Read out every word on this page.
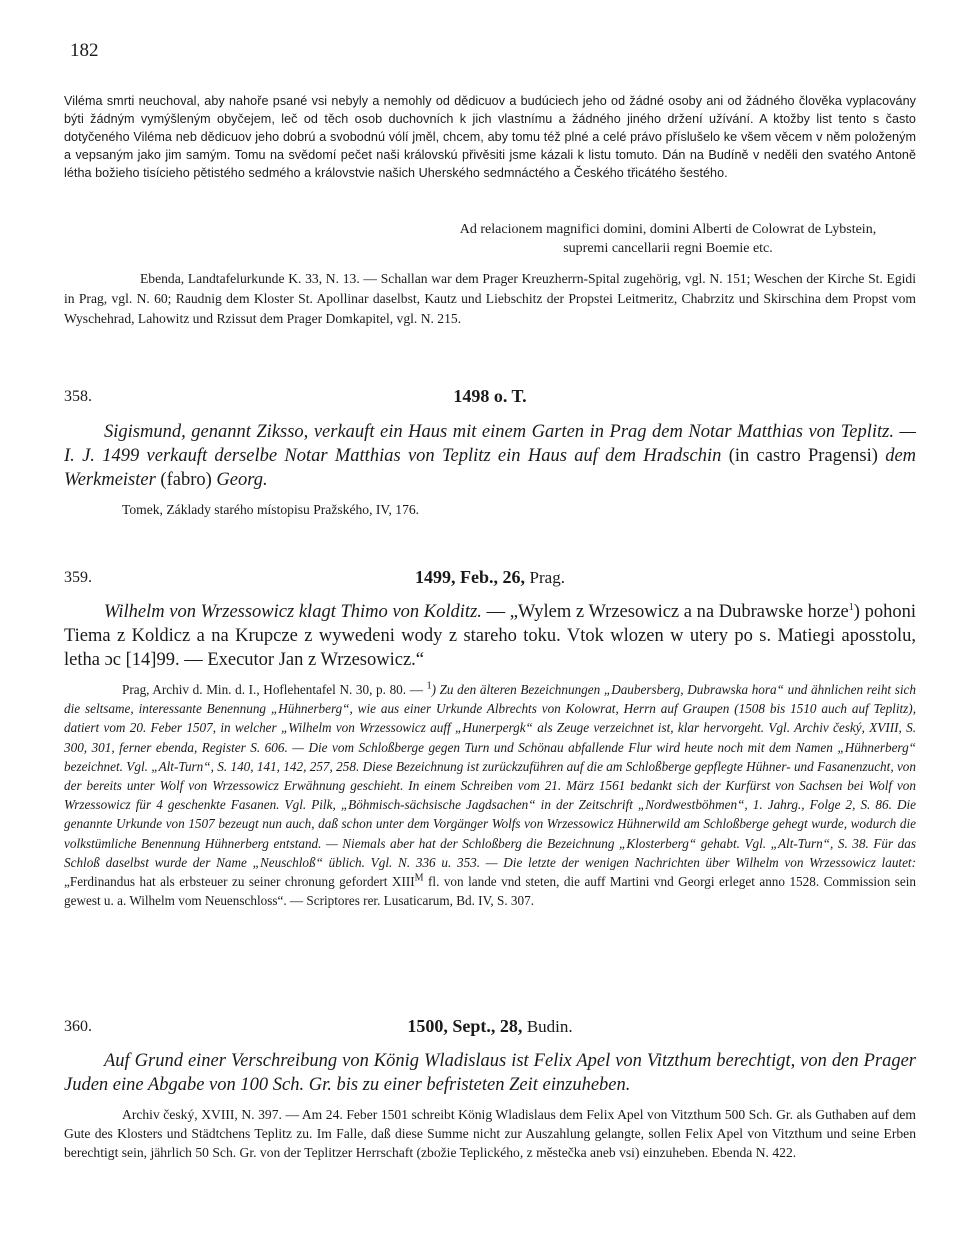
182
Viléma smrti neuchoval, aby nahoře psané vsi nebyly a nemohly od dědicuov a budúciech jeho od žádné osoby ani od žádného člověka vyplacovány býti žádným vymýšleným obyčejem, leč od těch osob duchovních k jich vlastnímu a žádného jiného držení užívání. A ktožby list tento s často dotyčeného Viléma neb dědicuov jeho dobrú a svobodnú vólí jměl, chcem, aby tomu též plné a celé právo příslušelo ke všem věcem v něm položeným a vepsaným jako jim samým. Tomu na svědomí pečet naši královskú přivěsiti jsme kázali k listu tomuto. Dán na Budíně v neděli den svatého Antoně létha božieho tisícieho pětistého sedmého a královstvie našich Uherského sedmnáctého a Českého třicátého šestého.
Ad relacionem magnifici domini, domini Alberti de Colowrat de Lybstein,
supremi cancellarii regni Boemie etc.
Ebenda, Landtafelurkunde K. 33, N. 13. — Schallan war dem Prager Kreuzherrn-Spital zugehörig, vgl. N. 151; Weschen der Kirche St. Egidi in Prag, vgl. N. 60; Raudnig dem Kloster St. Apollinar daselbst, Kautz und Liebschitz der Propstei Leitmeritz, Chabrzitz und Skirschina dem Propst vom Wyschehrad, Lahowitz und Rzissut dem Prager Domkapitel, vgl. N. 215.
358.	1498 o. T.
Sigismund, genannt Ziksso, verkauft ein Haus mit einem Garten in Prag dem Notar Matthias von Teplitz. — I. J. 1499 verkauft derselbe Notar Matthias von Teplitz ein Haus auf dem Hradschin (in castro Pragensi) dem Werkmeister (fabro) Georg.
Tomek, Základy starého místopisu Pražského, IV, 176.
359.	1499, Feb., 26, Prag.
Wilhelm von Wrzessowicz klagt Thimo von Kolditz. — „Wylem z Wrzesowicz a na Dubrawske horze$^1$) pohoni Tiema z Koldicz a na Krupcze z wywedeni wody z stareho toku. Vtok wlozen w utery po s. Matiegi aposstolu, letha ɔc [14]99. — Executor Jan z Wrzesowicz.“
Prag, Archiv d. Min. d. I., Hoflehentafel N. 30, p. 80. — $^1$) Zu den älteren Bezeichnungen „Daubersberg, Dubrawska hora“ und ähnlichen reiht sich die seltsame, interessante Benennung „Hühnerberg“, wie aus einer Urkunde Albrechts von Kolowrat, Herrn auf Graupen (1508 bis 1510 auch auf Teplitz), datiert vom 20. Feber 1507, in welcher „Wilhelm von Wrzessowicz auff „Hunerpergk“ als Zeuge verzeichnet ist, klar hervorgeht. Vgl. Archiv český, XVIII, S. 300, 301, ferner ebenda, Register S. 606. — Die vom Schloßberge gegen Turn und Schönau abfallende Flur wird heute noch mit dem Namen „Hühnerberg“ bezeichnet. Vgl. „Alt-Turn“, S. 140, 141, 142, 257, 258. Diese Bezeichnung ist zurückzuführen auf die am Schloßberge gepflegte Hühner- und Fasanenzucht, von der bereits unter Wolf von Wrzessowicz Erwähnung geschieht. In einem Schreiben vom 21. März 1561 bedankt sich der Kurfürst von Sachsen bei Wolf von Wrzessowicz für 4 geschenkte Fasanen. Vgl. Pilk, „Böhmisch-sächsische Jagdsachen“ in der Zeitschrift „Nordwestböhmen“, 1. Jahrg., Folge 2, S. 86. Die genannte Urkunde von 1507 bezeugt nun auch, daß schon unter dem Vorgänger Wolfs von Wrzessowicz Hühnerwild am Schloßberge gehegt wurde, wodurch die volkstümliche Benennung Hühnerberg entstand. — Niemals aber hat der Schloßberg die Bezeichnung „Klosterberg“ gehabt. Vgl. „Alt-Turn“, S. 38. Für das Schloß daselbst wurde der Name „Neuschloß“ üblich. Vgl. N. 336 u. 353. — Die letzte der wenigen Nachrichten über Wilhelm von Wrzessowicz lautet: „Ferdinandus hat als erbsteuer zu seiner chronung gefordert $XIII^M$ fl. von lande vnd steten, die auff Martini vnd Georgi erleget anno 1528. Commission sein gewest u. a. Wilhelm vom Neuenschloss“. — Scriptores rer. Lusaticarum, Bd. IV, S. 307.
360.	1500, Sept., 28, Budin.
Auf Grund einer Verschreibung von König Wladislaus ist Felix Apel von Vitzthum berechtigt, von den Prager Juden eine Abgabe von 100 Sch. Gr. bis zu einer befristeten Zeit einzuheben.
Archiv český, XVIII, N. 397. — Am 24. Feber 1501 schreibt König Wladislaus dem Felix Apel von Vitzthum 500 Sch. Gr. als Guthaben auf dem Gute des Klosters und Städtchens Teplitz zu. Im Falle, daß diese Summe nicht zur Auszahlung gelangte, sollen Felix Apel von Vitzthum und seine Erben berechtigt sein, jährlich 50 Sch. Gr. von der Teplitzer Herrschaft (zbožie Teplického, z městečka aneb vsi) einzuheben. Ebenda N. 422.
